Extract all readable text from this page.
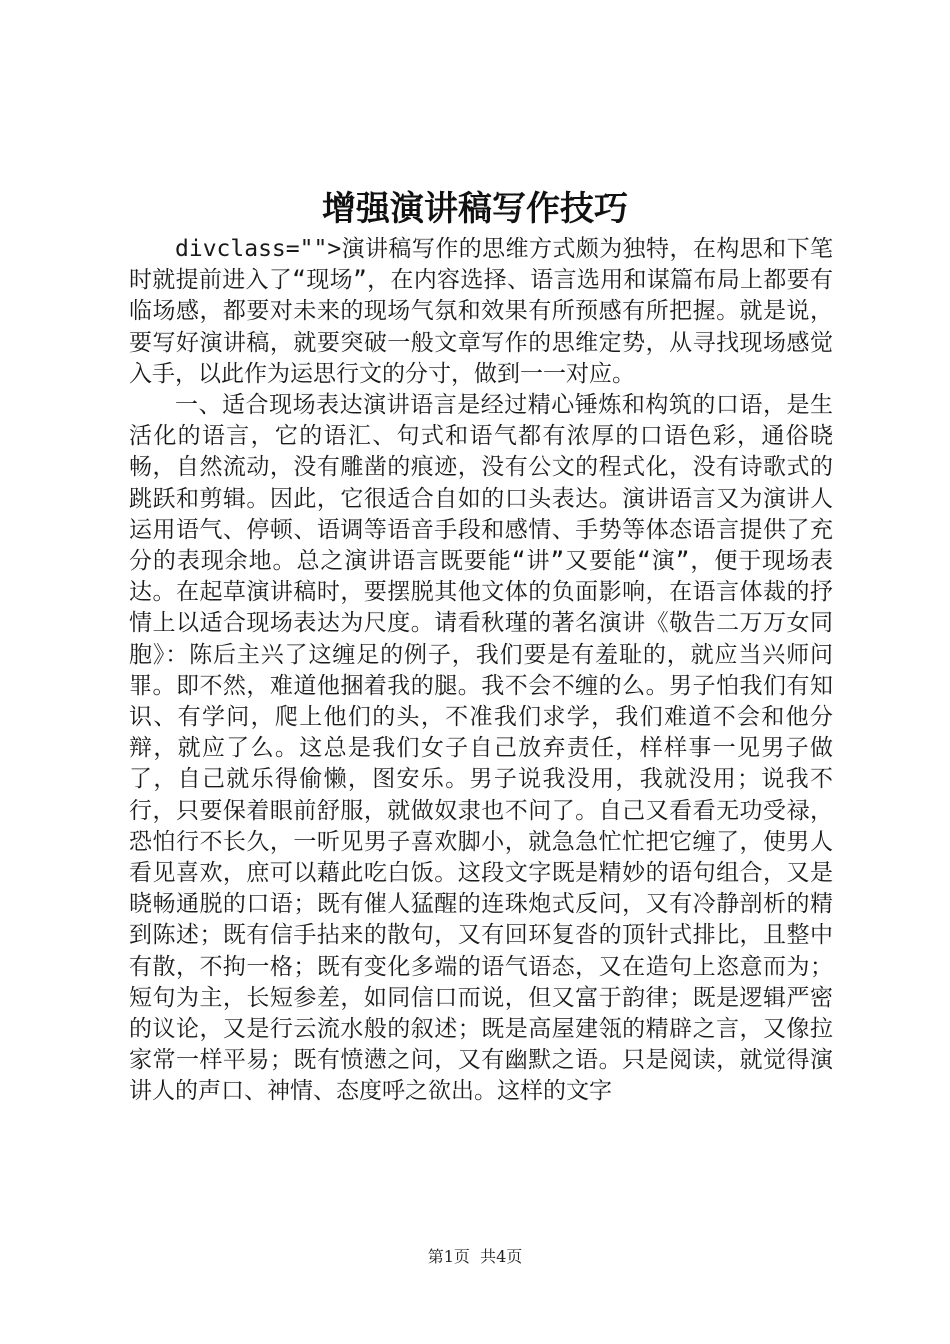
增强演讲稿写作技巧

divclass="">演讲稿写作的思维方式颇为独特，在构思和下笔时就提前进入了“现场”，在内容选择、语言选用和谋篇布局上都要有临场感，都要对未来的现场气氛和效果有所预感有所把握。就是说，要写好演讲稿，就要突破一般文章写作的思维定势，从寻找现场感觉入手，以此作为运思行文的分寸，做到一一对应。

一、适合现场表达演讲语言是经过精心锤炼和构筑的口语，是生活化的语言，它的语汇、句式和语气都有浓厚的口语色彩，通俗晓畅，自然流动，没有雕凿的痕迹，没有公文的程式化，没有诗歌式的跳跃和剪辑。因此，它很适合自如的口头表达。演讲语言又为演讲人运用语气、停顿、语调等语音手段和感情、手势等体态语言提供了充分的表现余地。总之演讲语言既要能“讲”又要能“演”，便于现场表达。在起草演讲稿时，要摆脱其他文体的负面影响，在语言体裁的抒情上以适合现场表达为尺度。请看秋瑾的著名演讲《敬告二万万女同胞》：陈后主兴了这缠足的例子，我们要是有羞耻的，就应当兴师问罪。即不然，难道他捆着我的腿。我不会不缠的么。男子怕我们有知识、有学问，爬上他们的头，不准我们求学，我们难道不会和他分辩，就应了么。这总是我们女子自己放弃责任，样样事一见男子做了，自己就乐得偷懒，图安乐。男子说我没用，我就没用；说我不行，只要保着眼前舒服，就做奴隶也不问了。自己又看看无功受禄，恐怕行不长久，一听见男子喜欢脚小，就急急忙忙把它缠了，使男人看见喜欢，庶可以藉此吃白饭。这段文字既是精妙的语句组合，又是晓畅通脱的口语；既有催人猛醒的连珠炮式反问，又有冷静剖析的精到陈述；既有信手拈来的散句，又有回环复沓的顶针式排比，且整中有散，不拘一格；既有变化多端的语气语态，又在造句上恣意而为；短句为主，长短参差，如同信口而说，但又富于韵律；既是逻辑严密的议论，又是行云流水般的叙述；既是高屋建瓴的精辟之言，又像拉家常一样平易；既有愤懑之问，又有幽默之语。只是阅读，就觉得演讲人的声口、神情、态度呼之欲出。这样的文字

第1页  共4页
